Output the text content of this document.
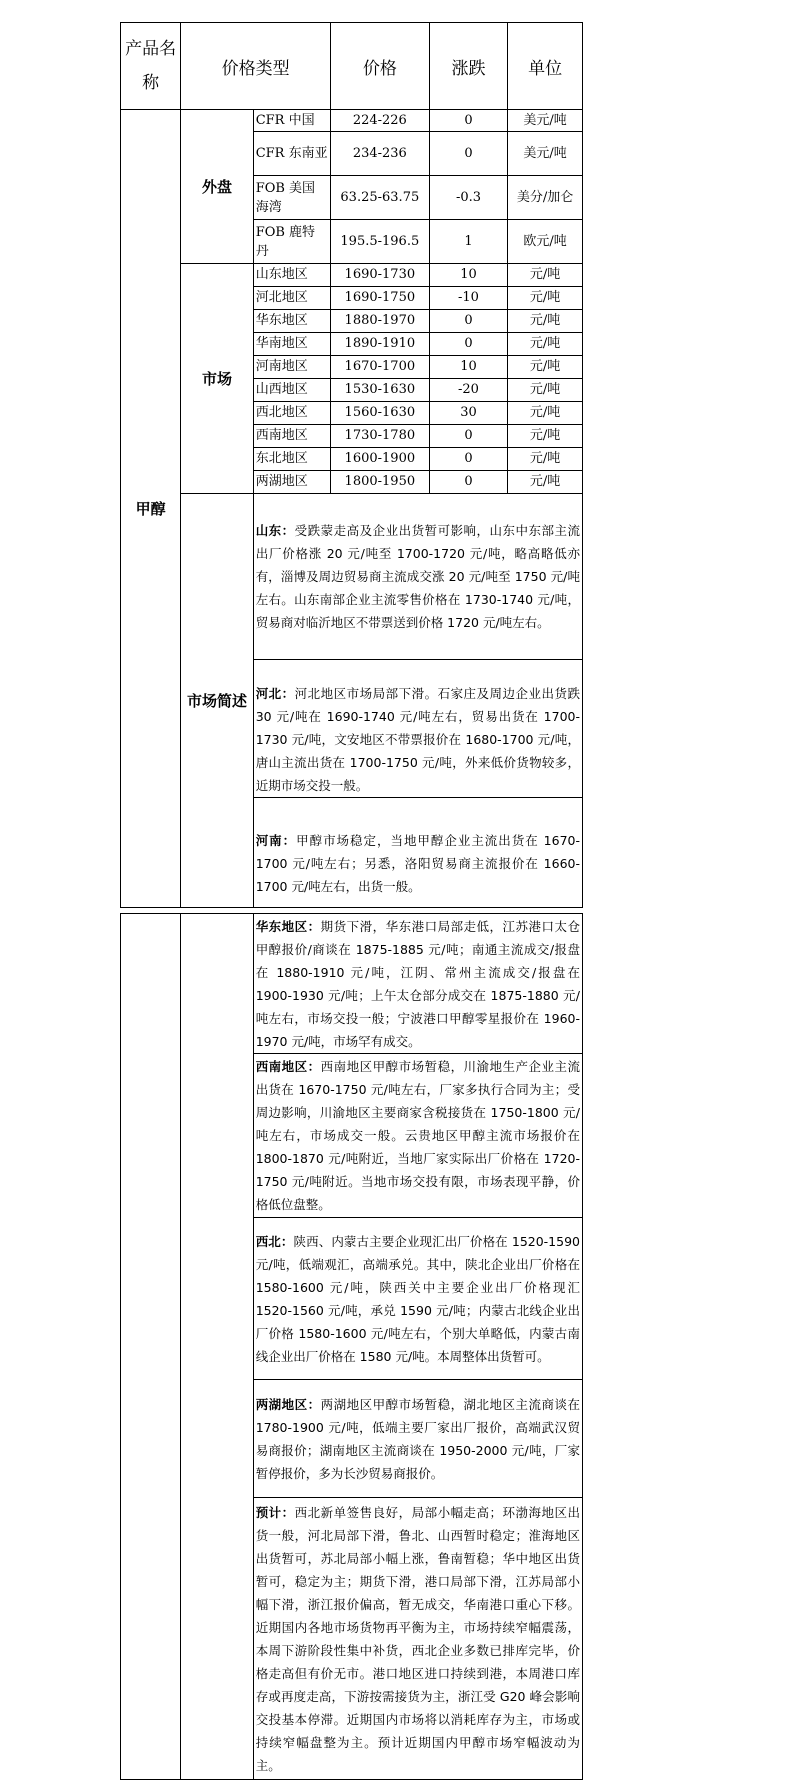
产品名称	价格类型		价格	涨跌	单位
甲醇	外盘	CFR 中国	224-226	0	美元/吨
		CFR 东南亚	234-236	0	美元/吨
		FOB 美国海湾	63.25-63.75	-0.3	美分/加仑
		FOB 鹿特丹	195.5-196.5	1	欧元/吨
	市场	山东地区	1690-1730	10	元/吨
		河北地区	1690-1750	-10	元/吨
		华东地区	1880-1970	0	元/吨
		华南地区	1890-1910	0	元/吨
		河南地区	1670-1700	10	元/吨
		山西地区	1530-1630	-20	元/吨
		西北地区	1560-1630	30	元/吨
		西南地区	1730-1780	0	元/吨
		东北地区	1600-1900	0	元/吨
		两湖地区	1800-1950	0	元/吨
	市场简述	山东：受跌蒙走高及企业出货暂可影响，山东中东部主流出厂价格涨 20 元/吨至 1700-1720 元/吨，略高略低亦有，淄博及周边贸易商主流成交涨 20 元/吨至 1750 元/吨左右。山东南部企业主流零售价格在 1730-1740 元/吨，贸易商对临沂地区不带票送到价格 1720 元/吨左右。			
		河北：河北地区市场局部下滑。石家庄及周边企业出货跌 30 元/吨在 1690-1740 元/吨左右，贸易出货在 1700-1730 元/吨，文安地区不带票报价在 1680-1700 元/吨，唐山主流出货在 1700-1750 元/吨，外来低价货物较多，近期市场交投一般。			
		河南：甲醇市场稳定，当地甲醇企业主流出货在 1670-1700 元/吨左右；另悉，洛阳贸易商主流报价在 1660-1700 元/吨左右，出货一般。			
		华东地区：期货下滑，华东港口局部走低，江苏港口太仓甲醇报价/商谈在 1875-1885 元/吨；南通主流成交/报盘在 1880-1910 元/吨，江阴、常州主流成交/报盘在 1900-1930 元/吨；上午太仓部分成交在 1875-1880 元/吨左右，市场交投一般；宁波港口甲醇零星报价在 1960-1970 元/吨，市场罕有成交。
西南地区：西南地区甲醇市场暂稳，川渝地生产企业主流出货在 1670-1750 元/吨左右，厂家多执行合同为主；受周边影响，川渝地区主要商家含税接货在 1750-1800 元/吨左右，市场成交一般。云贵地区甲醇主流市场报价在 1800-1870 元/吨附近，当地厂家实际出厂价格在 1720-1750 元/吨附近。当地市场交投有限，市场表现平静，价格低位盘整。
西北：陕西、内蒙古主要企业现汇出厂价格在 1520-1590 元/吨，低端观汇，高端承兑。其中，陕北企业出厂价格在 1580-1600 元/吨，陕西关中主要企业出厂价格现汇 1520-1560 元/吨，承兑 1590 元/吨；内蒙古北线企业出厂价格 1580-1600 元/吨左右，个别大单略低，内蒙古南线企业出厂价格在 1580 元/吨。本周整体出货暂可。
两湖地区：两湖地区甲醇市场暂稳，湖北地区主流商谈在 1780-1900 元/吨，低端主要厂家出厂报价，高端武汉贸易商报价；湖南地区主流商谈在 1950-2000 元/吨，厂家暂停报价，多为长沙贸易商报价。
预计：西北新单签售良好，局部小幅走高；环渤海地区出货一般，河北局部下滑，鲁北、山西暂时稳定；淮海地区出货暂可，苏北局部小幅上涨，鲁南暂稳；华中地区出货暂可，稳定为主；期货下滑，港口局部下滑，江苏局部小幅下滑，浙江报价偏高，暂无成交，华南港口重心下移。近期国内各地市场货物再平衡为主，市场持续窄幅震荡，本周下游阶段性集中补货，西北企业多数已排库完毕，价格走高但有价无市。港口地区进口持续到港，本周港口库存或再度走高，下游按需接货为主，浙江受 G20 峰会影响交投基本停滞。近期国内市场将以消耗库存为主，市场或持续窄幅盘整为主。预计近期国内甲醇市场窄幅波动为主。
